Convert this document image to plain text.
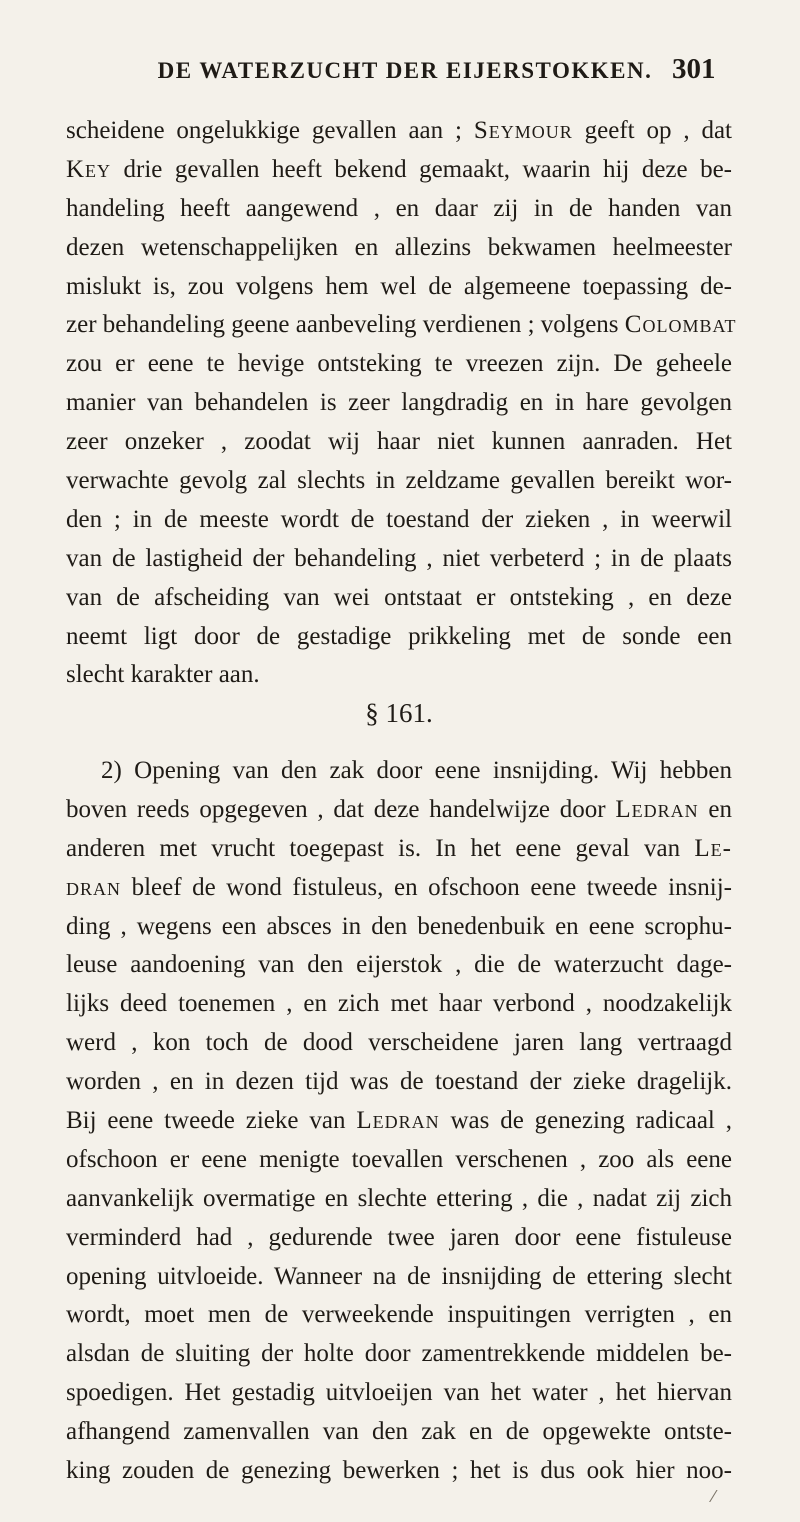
DE WATERZUCHT DER EIJERSTOKKEN. 301
scheidene ongelukkige gevallen aan ; Seymour geeft op , dat
Key drie gevallen heeft bekend gemaakt, waarin hij deze be-
handeling heeft aangewend , en daar zij in de handen van
dezen wetenschappelijken en allezins bekwamen heelmeester
mislukt is, zou volgens hem wel de algemeene toepassing de-
zer behandeling geene aanbeveling verdienen ; volgens Colombat
zou er eene te hevige ontsteking te vreezen zijn. De geheele
manier van behandelen is zeer langdradig en in hare gevolgen
zeer onzeker , zoodat wij haar niet kunnen aanraden. Het
verwachte gevolg zal slechts in zeldzame gevallen bereikt wor-
den ; in de meeste wordt de toestand der zieken , in weerwil
van de lastigheid der behandeling , niet verbeterd ; in de plaats
van de afscheiding van wei ontstaat er ontsteking , en deze
neemt ligt door de gestadige prikkeling met de sonde een
slecht karakter aan.
§ 161.
2) Opening van den zak door eene insnijding. Wij hebben
boven reeds opgegeven , dat deze handelwijze door Ledran en
anderen met vrucht toegepast is. In het eene geval van Le-
dran bleef de wond fistuleus, en ofschoon eene tweede insnij-
ding , wegens een absces in den benedenbuik en eene scrophu-
leuse aandoening van den eijerstok , die de waterzucht dage-
lijks deed toenemen , en zich met haar verbond , noodzakelijk
werd , kon toch de dood verscheidene jaren lang vertraagd
worden , en in dezen tijd was de toestand der zieke dragelijk.
Bij eene tweede zieke van Ledran was de genezing radicaal ,
ofschoon er eene menigte toevallen verschenen , zoo als eene
aanvankelijk overmatige en slechte ettering , die , nadat zij zich
verminderd had , gedurende twee jaren door eene fistuleuse
opening uitvloeide. Wanneer na de insnijding de ettering slecht
wordt, moet men de verweekende inspuitingen verrigten , en
alsdan de sluiting der holte door zamentrekkende middelen be-
spoedigen. Het gestadig uitvloeijen van het water , het hiervan
afhangend zamenvallen van den zak en de opgewekte ontste-
king zouden de genezing bewerken ; het is dus ook hier noo-
⁄
